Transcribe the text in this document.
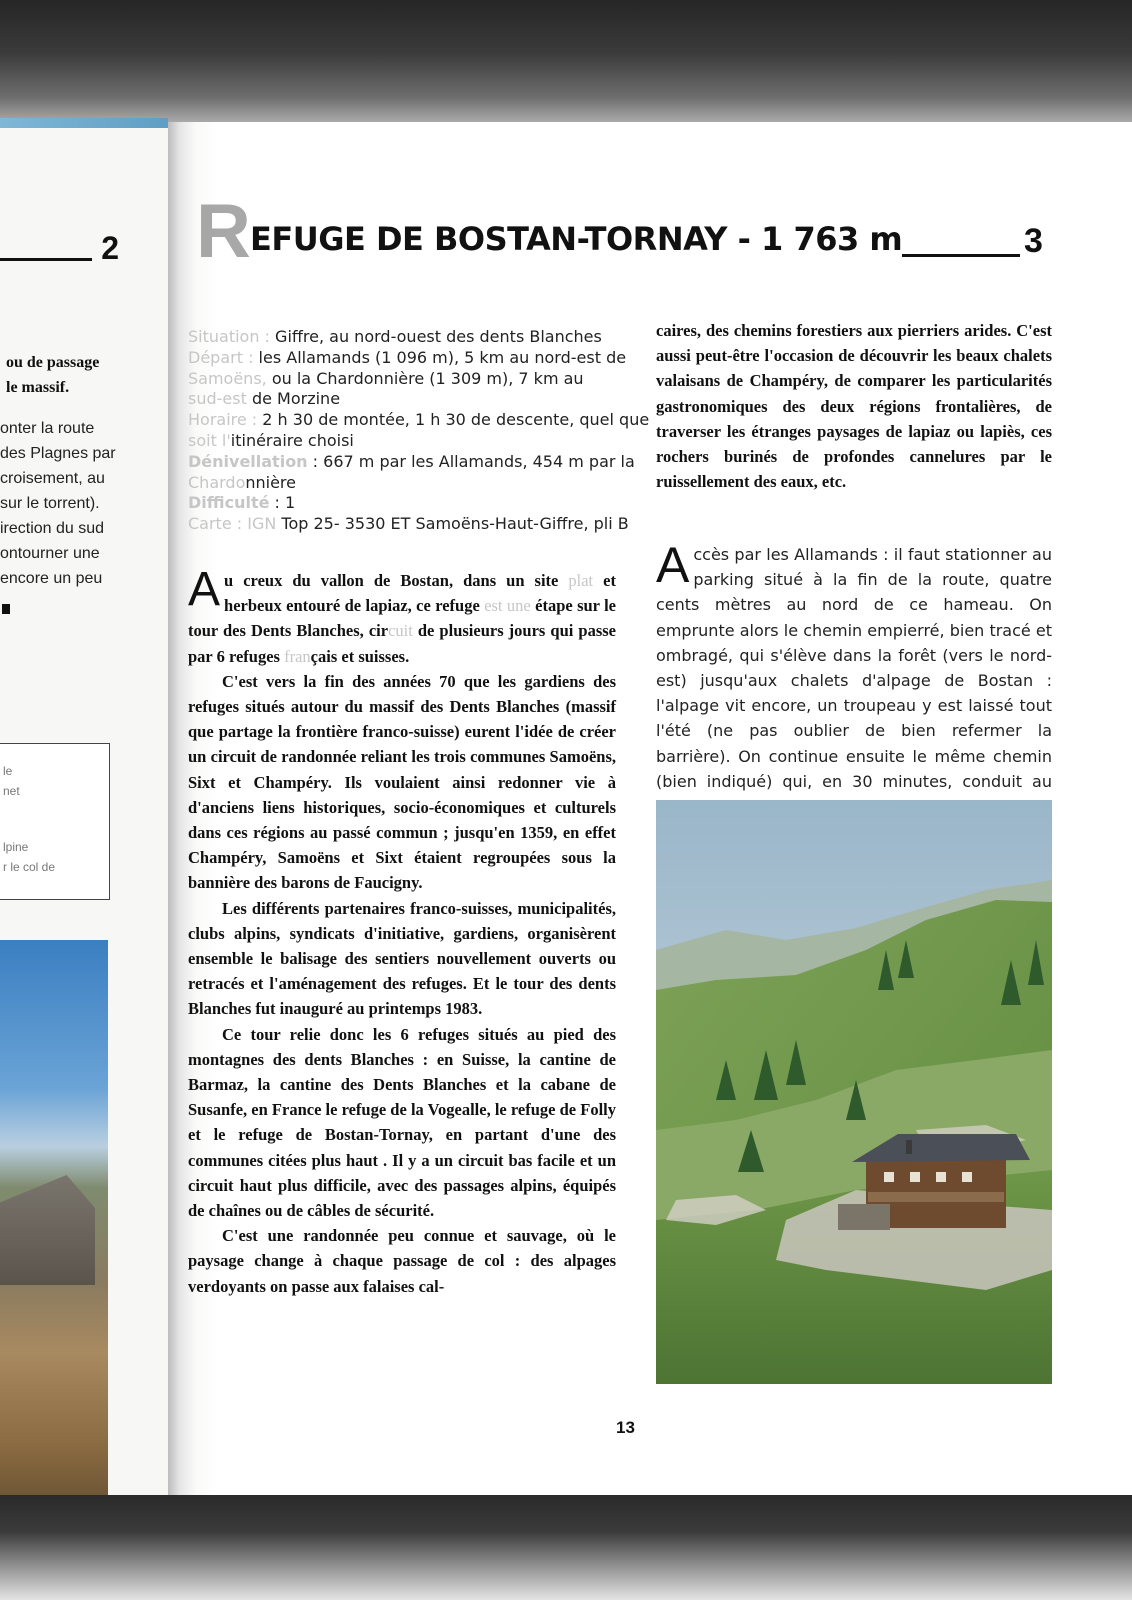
2
ou de passage
le massif.
onter la route
des Plagnes par
croisement, au
sur le torrent).
irection du sud
ontourner une
encore un peu
le
net
lpine
r le col de
R EFUGE DE BOSTAN-TORNAY - 1 763 m	3
Situation : Giffre, au nord-ouest des dents Blanches
Départ : les Allamands (1 096 m), 5 km au nord-est de
Samoëns, ou la Chardonnière (1 309 m), 7 km au
sud-est de Morzine
Horaire : 2 h 30 de montée, 1 h 30 de descente, quel que
soit l'itinéraire choisi
Dénivellation : 667 m par les Allamands, 454 m par la
Chardonnière
Difficulté : 1
Carte : IGN Top 25- 3530 ET Samoëns-Haut-Giffre, pli B

Au creux du vallon de Bostan, dans un site plat et herbeux entouré de lapiaz, ce refuge est une étape sur le tour des Dents Blanches, circuit de plusieurs jours qui passe par 6 refuges français et suisses.

C'est vers la fin des années 70 que les gardiens des refuges situés autour du massif des Dents Blanches (massif que partage la frontière franco-suisse) eurent l'idée de créer un circuit de randonnée reliant les trois communes Samoëns, Sixt et Champéry. Ils voulaient ainsi redonner vie à d'anciens liens historiques, socio-économiques et culturels dans ces régions au passé commun ; jusqu'en 1359, en effet Champéry, Samoëns et Sixt étaient regroupées sous la bannière des barons de Faucigny.

Les différents partenaires franco-suisses, municipalités, clubs alpins, syndicats d'initiative, gardiens, organisèrent ensemble le balisage des sentiers nouvellement ouverts ou retracés et l'aménagement des refuges. Et le tour des dents Blanches fut inauguré au printemps 1983.

Ce tour relie donc les 6 refuges situés au pied des montagnes des dents Blanches : en Suisse, la cantine de Barmaz, la cantine des Dents Blanches et la cabane de Susanfe, en France le refuge de la Vogealle, le refuge de Folly et le refuge de Bostan-Tornay, en partant d'une des communes citées plus haut . Il y a un circuit bas facile et un circuit haut plus difficile, avec des passages alpins, équipés de chaînes ou de câbles de sécurité.

C'est une randonnée peu connue et sauvage, où le paysage change à chaque passage de col : des alpages verdoyants on passe aux falaises cal-

caires, des chemins forestiers aux pierriers arides. C'est aussi peut-être l'occasion de découvrir les beaux chalets valaisans de Champéry, de comparer les particularités gastronomiques des deux régions frontalières, de traverser les étranges paysages de lapiaz ou lapiès, ces rochers burinés de profondes cannelures par le ruissellement des eaux, etc.
Accès par les Allamands : il faut stationner au parking situé à la fin de la route, quatre cents mètres au nord de ce hameau. On emprunte alors le chemin empierré, bien tracé et ombragé, qui s'élève dans la forêt (vers le nord-est) jusqu'aux chalets d'alpage de Bostan : l'alpage vit encore, un troupeau y est laissé tout l'été (ne pas oublier de bien refermer la barrière). On continue ensuite le même chemin (bien indiqué) qui, en 30 minutes, conduit au
13
